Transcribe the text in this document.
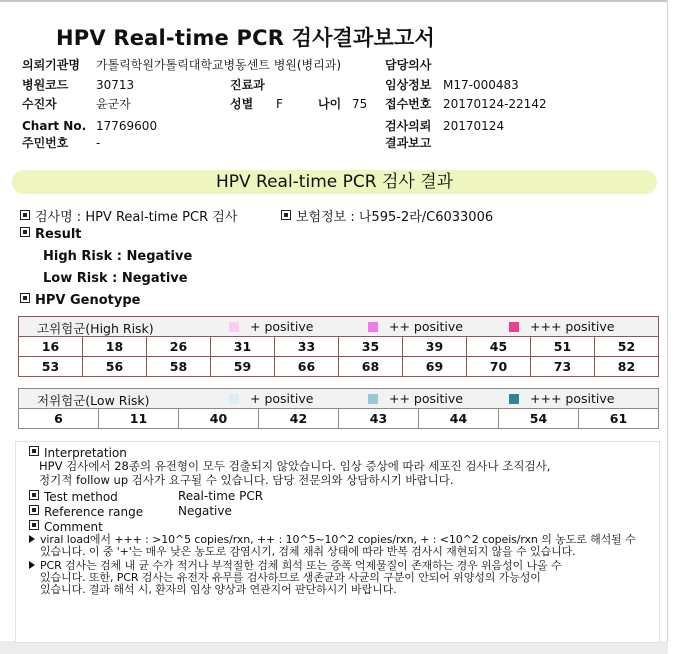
HPV Real-time PCR 검사결과보고서
의뢰기관명 가톨릭학원가톨릭대학교병동센트 병원(병리과)	담당의사
병원코드 30713	진료과	임상정보 M17-000483
수진자	윤군자	성별 F	나이 75 접수번호 20170124-22142
Chart No. 17769600	검사의뢰 20170124
주민번호 -	결과보고
HPV Real-time PCR 검사 결과
검사명 : HPV Real-time PCR 검사	보험정보 : 나595-2라/C6033006
Result
High Risk : Negative
Low Risk : Negative
HPV Genotype
고위험군(High Risk) + positive ++ positive +++ positive									

16	18	26	31	33	35	39	45	51	52
53	56	58	59	66	68	69	70	73	82
저위험군(Low Risk)	+ positive	++ positive	+++ positive

6	11	40	42	43	44	54	61
Interpretation
HPV 검사에서 28종의 유전형이 모두 검출되지 않았습니다. 임상 증상에 따라 세포진 검사나 조직검사,
정기적 follow up 검사가 요구될 수 있습니다. 담당 전문의와 상담하시기 바랍니다.
Test method	Real-time PCR
Reference range	Negative
Comment
viral load에서 +++ : >10^5 copies/rxn, ++ : 10^5~10^2 copies/rxn, + : <10^2 copeis/rxn 의 농도로 해석될 수
있습니다. 이 중 '+'는 매우 낮은 농도로 감염시기, 검체 채취 상태에 따라 반복 검사시 재현되지 않을 수 있습니다.
PCR 검사는 검체 내 균 수가 적거나 부적절한 검체 희석 또는 증폭 억제물질이 존재하는 경우 위음성이 나올 수
있습니다. 또한, PCR 검사는 유전자 유무를 검사하므로 생존균과 사균의 구분이 안되어 위양성의 가능성이
있습니다. 결과 해석 시, 환자의 임상 양상과 연관지어 판단하시기 바랍니다.
